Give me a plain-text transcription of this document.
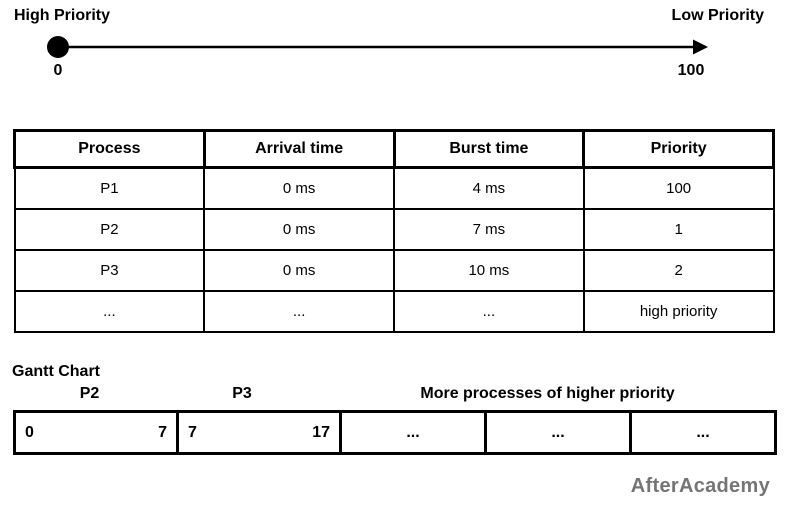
High Priority	Low Priority
0	100
Process	Arrival time	Burst time	Priority
P1	0 ms	4 ms	100
P2	0 ms	7 ms	1
P3	0 ms	10 ms	2
...	...	...	high priority
Gantt Chart
P2	P3	More processes of higher priority
0	7 7	17	...	...	...
AfterAcademy
